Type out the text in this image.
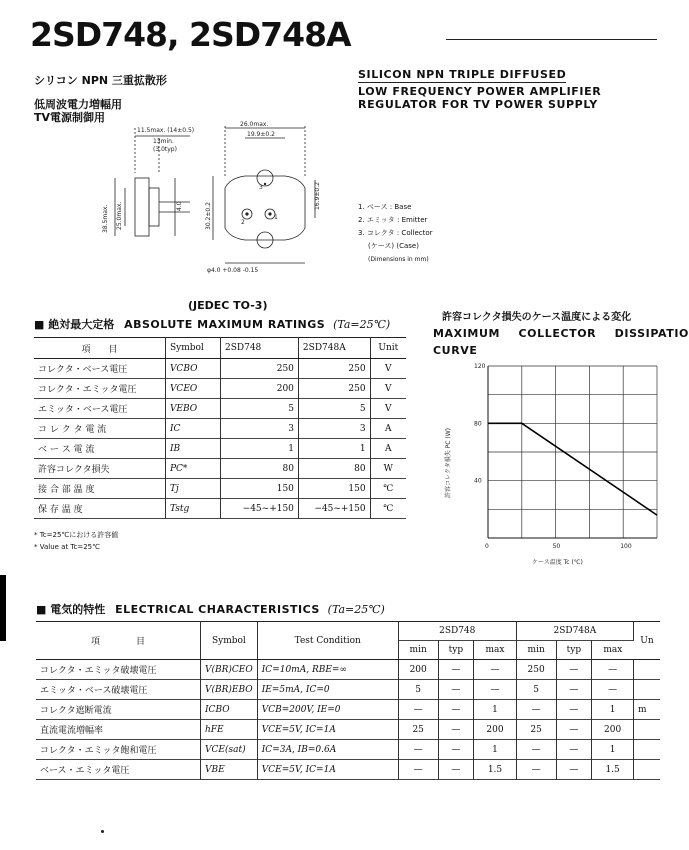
2SD748, 2SD748A
シリコン NPN 三重拡散形
低周波電力増幅用
TV電源制御用
SILICON NPN TRIPLE DIFFUSED
LOW FREQUENCY POWER AMPLIFIER
REGULATOR FOR TV POWER SUPPLY
11.5max. (14±0.5)
13min.
(3.0typ)
26.0max.
19.9±0.2
38.5max. 25.0max.	4.0	16.9±0.2
30.2±0.2
φ4.0 +0.08 -0.15
3
2
1
1. ベース : Base
2. エミッタ : Emitter
3. コレクタ : Collector
(ケース) (Case)
(Dimensions in mm)
(JEDEC TO-3)
■ 絶対最大定格 ABSOLUTE MAXIMUM RATINGS (Ta=25℃)
項　　目	Symbol	2SD748	2SD748A	Unit
コレクタ・ベース電圧	VCBO	250	250	V
コレクタ・エミッタ電圧	VCEO	200	250	V
エミッタ・ベース電圧	VEBO	5	5	V
コ レ ク タ 電 流	IC	3	3	A
ベ ー ス 電 流	IB	1	1	A
許容コレクタ損失	PC*	80	80	W
接 合 部 温 度	Tj	150	150	℃
保 存 温 度	Tstg	−45~+150	−45~+150	℃
* Tc=25℃における許容値
* Value at Tc=25℃
許容コレクタ損失のケース温度による変化
MAXIMUM COLLECTOR DISSIPATIO
CURVE
120
80
40
0	50	100
許容コレクタ損失 PC (W)
ケース温度 Tc (℃)
■ 電気的特性 ELECTRICAL CHARACTERISTICS (Ta=25℃)
項　　　　目	Symbol	Test Condition	2SD748			2SD748A			Un
			min	typ	max	min	typ	max	
コレクタ・エミッタ破壊電圧	V(BR)CEO	IC=10mA, RBE=∞	200	—	—	250	—	—	
エミッタ・ベース破壊電圧	V(BR)EBO	IE=5mA, IC=0	5	—	—	5	—	—	
コレクタ遮断電流	ICBO	VCB=200V, IE=0	—	—	1	—	—	1	m
直流電流増幅率	hFE	VCE=5V, IC=1A	25	—	200	25	—	200	
コレクタ・エミッタ飽和電圧	VCE(sat)	IC=3A, IB=0.6A	—	—	1	—	—	1	
ベース・エミッタ電圧	VBE	VCE=5V, IC=1A	—	—	1.5	—	—	1.5	
